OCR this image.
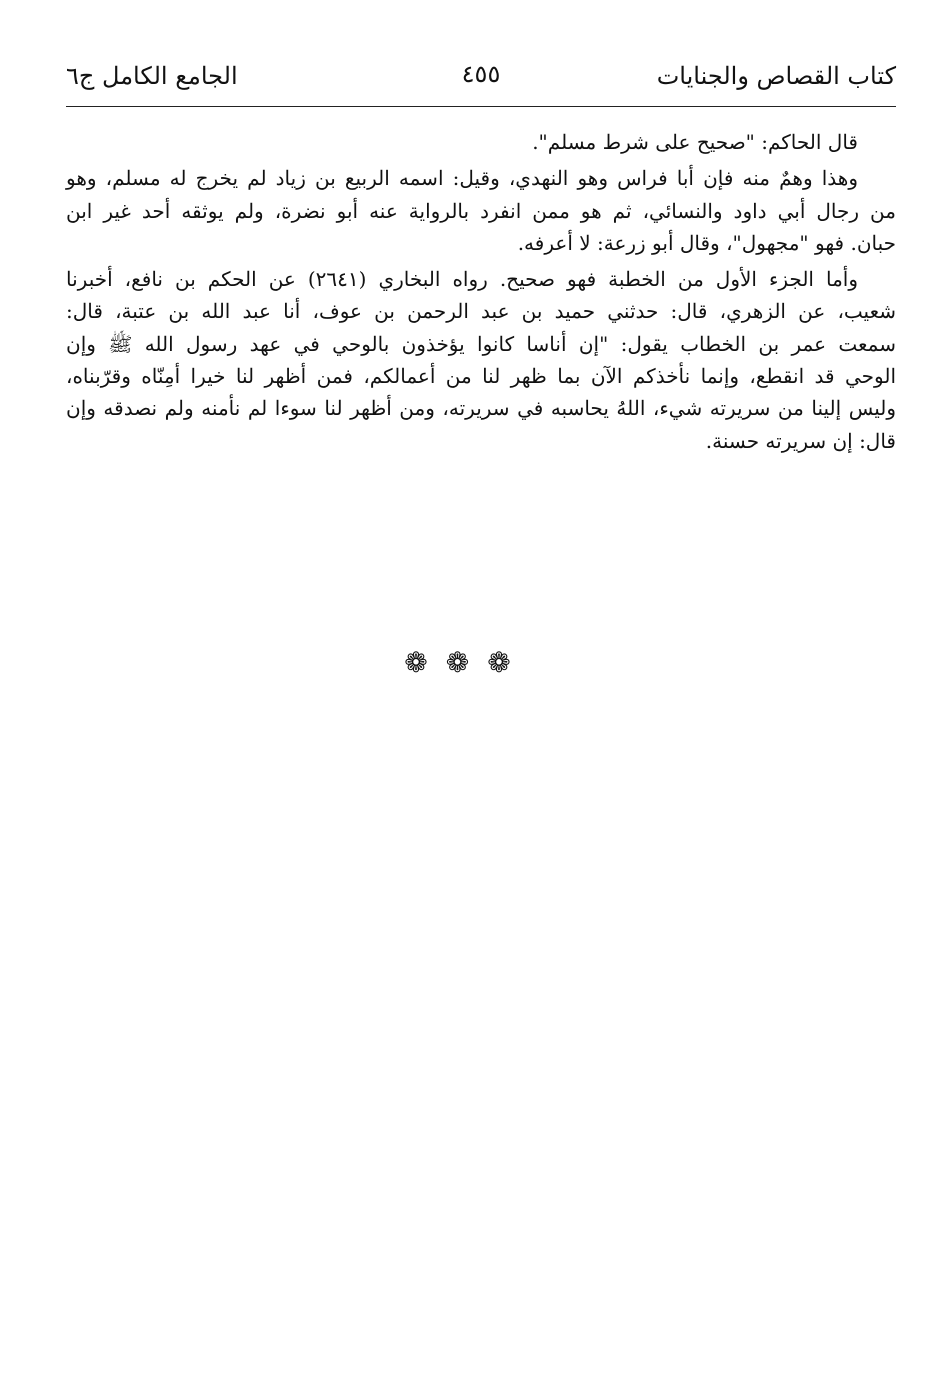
كتاب القصاص والجنايات
٤٥٥
الجامع الكامل ج٦

قال الحاكم: "صحيح على شرط مسلم".

وهذا وهمٌ منه فإن أبا فراس وهو النهدي، وقيل: اسمه الربيع بن زياد لم يخرج له مسلم، وهو
من رجال أبي داود والنسائي، ثم هو ممن انفرد بالرواية عنه أبو نضرة، ولم يوثقه أحد غير ابن
حبان. فهو "مجهول"، وقال أبو زرعة: لا أعرفه.

وأما الجزء الأول من الخطبة فهو صحيح. رواه البخاري (٢٦٤١) عن الحكم بن نافع، أخبرنا
شعيب، عن الزهري، قال: حدثني حميد بن عبد الرحمن بن عوف، أنا عبد الله بن عتبة، قال:
سمعت عمر بن الخطاب يقول: "إن أناسا كانوا يؤخذون بالوحي في عهد رسول الله ﷺ وإن
الوحي قد انقطع، وإنما نأخذكم الآن بما ظهر لنا من أعمالكم، فمن أظهر لنا خيرا أمِنّاه وقرّبناه،
وليس إلينا من سريرته شيء، اللهُ يحاسبه في سريرته، ومن أظهر لنا سوءا لم نأمنه ولم نصدقه وإن
قال: إن سريرته حسنة.

❁❁❁
